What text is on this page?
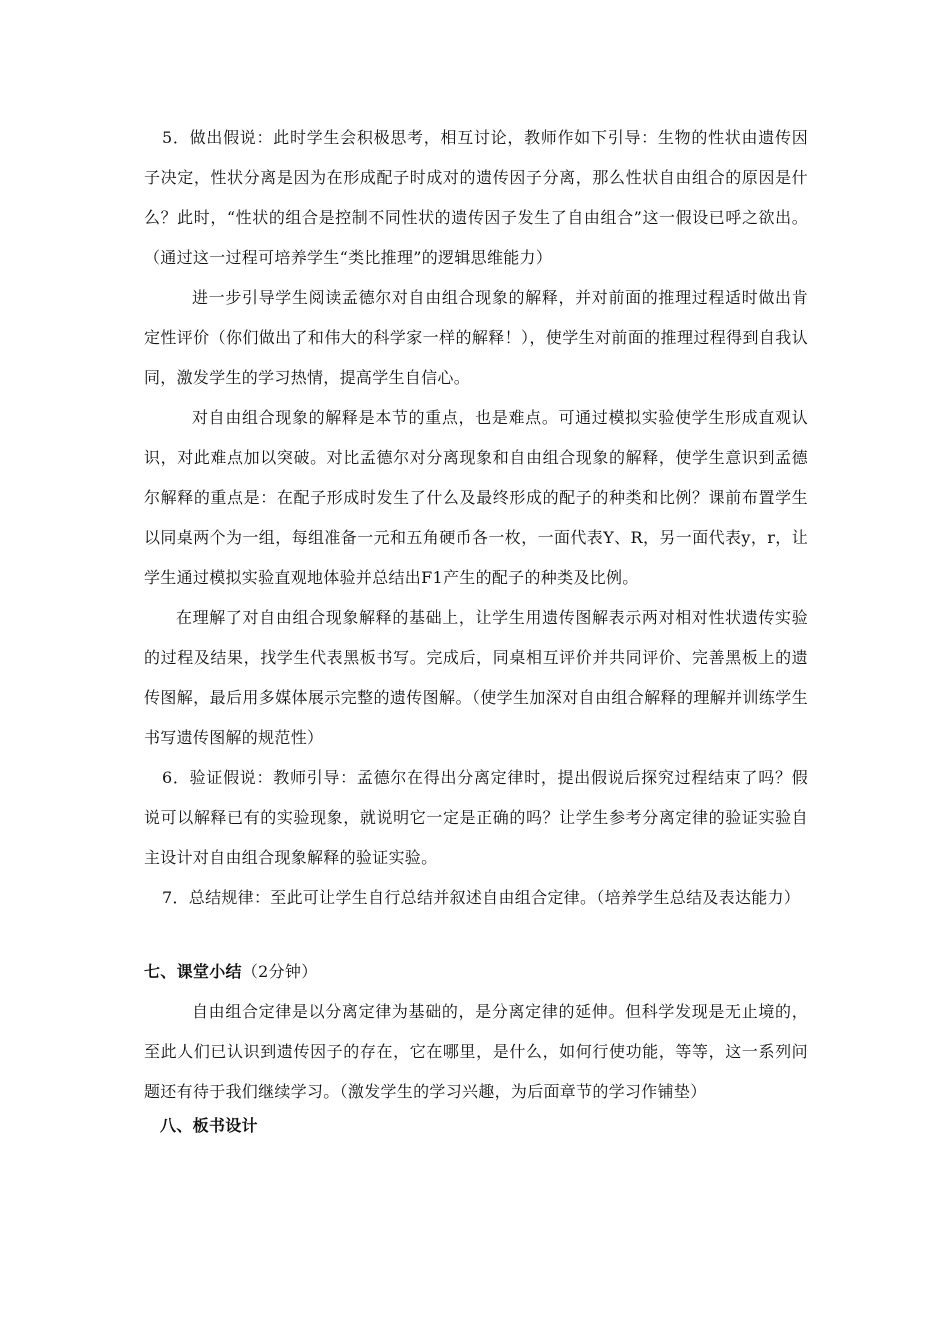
5．做出假说：此时学生会积极思考，相互讨论，教师作如下引导：生物的性状由遗传因子决定，性状分离是因为在形成配子时成对的遗传因子分离，那么性状自由组合的原因是什么？此时，“性状的组合是控制不同性状的遗传因子发生了自由组合”这一假设已呼之欲出。（通过这一过程可培养学生“类比推理”的逻辑思维能力）

进一步引导学生阅读孟德尔对自由组合现象的解释，并对前面的推理过程适时做出肯定性评价（你们做出了和伟大的科学家一样的解释！），使学生对前面的推理过程得到自我认同，激发学生的学习热情，提高学生自信心。

对自由组合现象的解释是本节的重点，也是难点。可通过模拟实验使学生形成直观认识，对此难点加以突破。对比孟德尔对分离现象和自由组合现象的解释，使学生意识到孟德尔解释的重点是：在配子形成时发生了什么及最终形成的配子的种类和比例？课前布置学生以同桌两个为一组，每组准备一元和五角硬币各一枚，一面代表Y、R，另一面代表y，r，让学生通过模拟实验直观地体验并总结出F1产生的配子的种类及比例。

在理解了对自由组合现象解释的基础上，让学生用遗传图解表示两对相对性状遗传实验的过程及结果，找学生代表黑板书写。完成后，同桌相互评价并共同评价、完善黑板上的遗传图解，最后用多媒体展示完整的遗传图解。（使学生加深对自由组合解释的理解并训练学生书写遗传图解的规范性）

6．验证假说：教师引导：孟德尔在得出分离定律时，提出假说后探究过程结束了吗？假说可以解释已有的实验现象，就说明它一定是正确的吗？让学生参考分离定律的验证实验自主设计对自由组合现象解释的验证实验。

7．总结规律：至此可让学生自行总结并叙述自由组合定律。（培养学生总结及表达能力）

七、课堂小结（2分钟）

自由组合定律是以分离定律为基础的，是分离定律的延伸。但科学发现是无止境的，至此人们已认识到遗传因子的存在，它在哪里，是什么，如何行使功能，等等，这一系列问题还有待于我们继续学习。（激发学生的学习兴趣，为后面章节的学习作铺垫）

八、板书设计
